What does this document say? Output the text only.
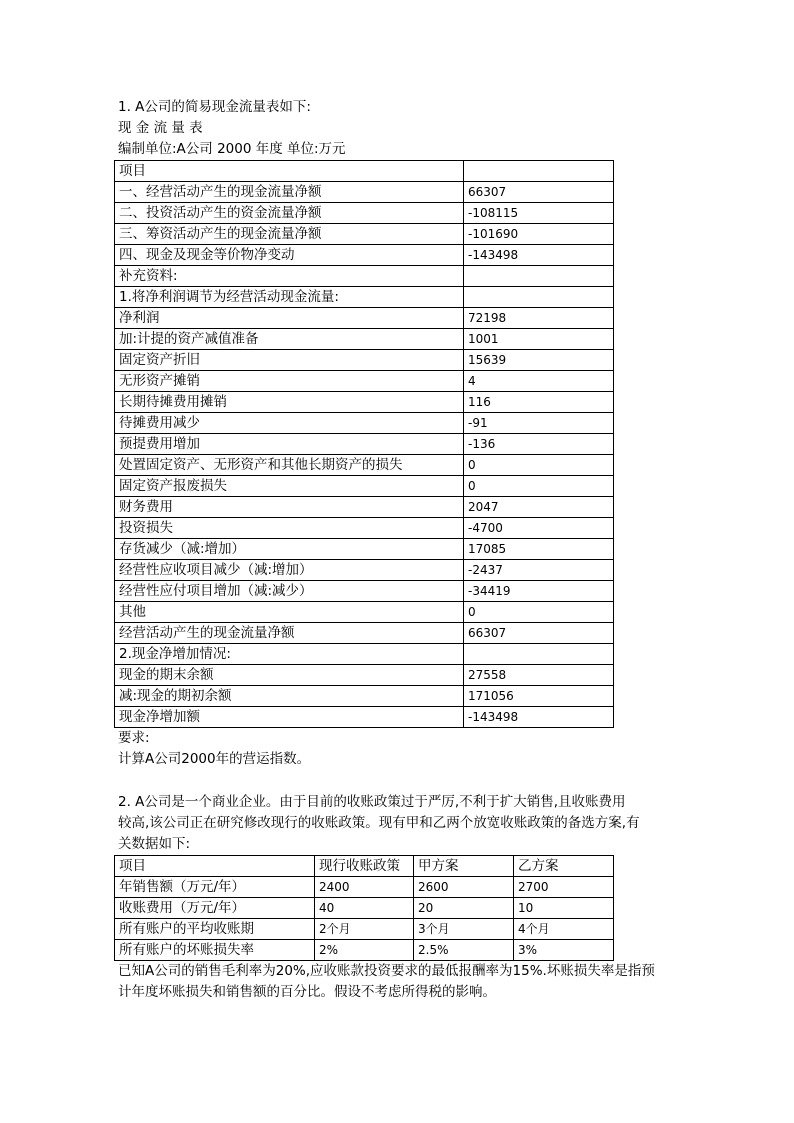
1. A公司的简易现金流量表如下:
现 金 流 量 表
编制单位:A公司 2000 年度 单位:万元
项目	
一、经营活动产生的现金流量净额	66307
二、投资活动产生的资金流量净额	-108115
三、筹资活动产生的现金流量净额	-101690
四、现金及现金等价物净变动	-143498
补充资料:	
1.将净利润调节为经营活动现金流量:	
净利润	72198
加:计提的资产减值准备	1001
固定资产折旧	15639
无形资产摊销	4
长期待摊费用摊销	116
待摊费用减少	-91
预提费用增加	-136
处置固定资产、无形资产和其他长期资产的损失	0
固定资产报废损失	0
财务费用	2047
投资损失	-4700
存货减少（减:增加）	17085
经营性应收项目减少（减:增加）	-2437
经营性应付项目增加（减:减少）	-34419
其他	0
经营活动产生的现金流量净额	66307
2.现金净增加情况:	
现金的期末余额	27558
减:现金的期初余额	171056
现金净增加额	-143498
要求:
计算A公司2000年的营运指数。
2. A公司是一个商业企业。由于目前的收账政策过于严厉,不利于扩大销售,且收账费用
较高,该公司正在研究修改现行的收账政策。现有甲和乙两个放宽收账政策的备选方案,有
关数据如下:
项目	现行收账政策	甲方案	乙方案
年销售额（万元/年）	2400	2600	2700
收账费用（万元/年）	40	20	10
所有账户的平均收账期	2个月	3个月	4个月
所有账户的坏账损失率	2%	2.5%	3%
已知A公司的销售毛利率为20%,应收账款投资要求的最低报酬率为15%.坏账损失率是指预
计年度坏账损失和销售额的百分比。假设不考虑所得税的影响。
